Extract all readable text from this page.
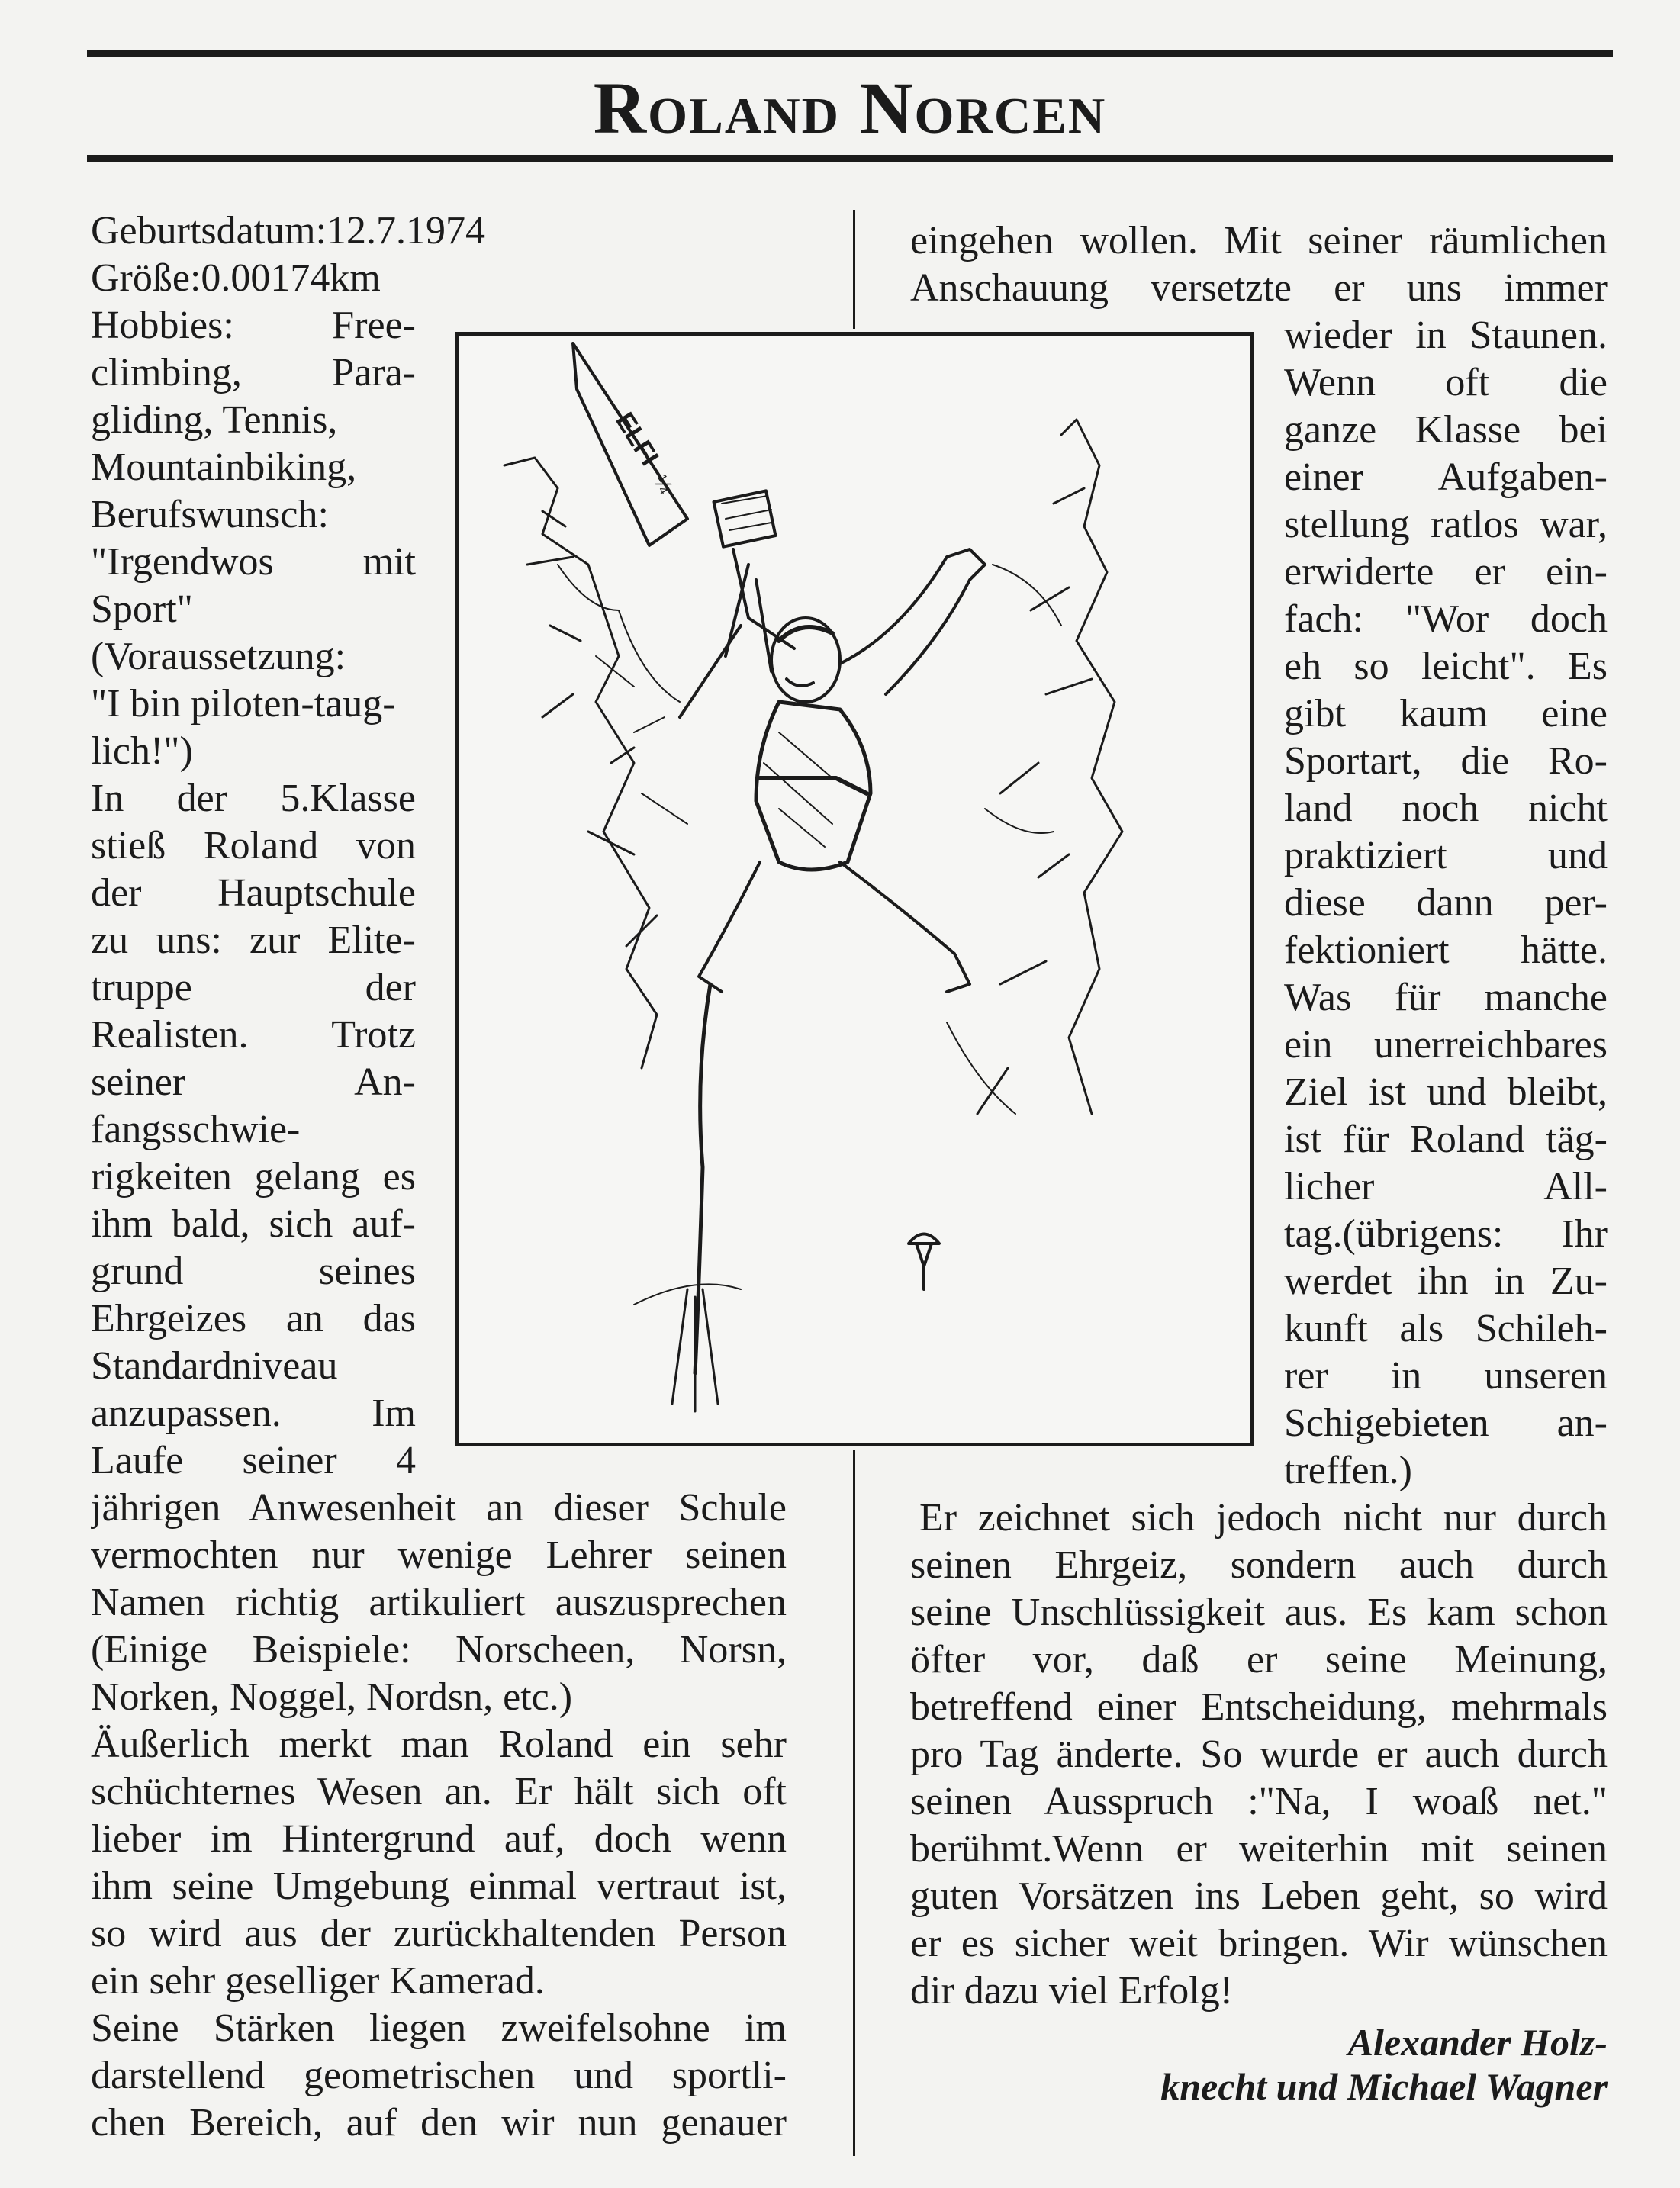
Roland Norcen
Geburtsdatum:12.7.1974
Größe:0.00174km
Hobbies: Free-
climbing, Para-
gliding, Tennis,
Mountainbiking,
Berufswunsch:
"Irgendwos mit
Sport"
(Voraussetzung:
"I bin piloten-taug-
lich!")
In der 5.Klasse
stieß Roland von
der Hauptschule
zu uns: zur Elite-
truppe der
Realisten. Trotz
seiner An-
fangsschwie-
rigkeiten gelang es
ihm bald, sich auf-
grund seines
Ehrgeizes an das
Standardniveau
anzupassen. Im
Laufe seiner 4
jährigen Anwesenheit an dieser Schule
vermochten nur wenige Lehrer seinen
Namen richtig artikuliert auszusprechen
(Einige Beispiele: Norscheen, Norsn,
Norken, Noggel, Nordsn, etc.)
Äußerlich merkt man Roland ein sehr
schüchternes Wesen an. Er hält sich oft
lieber im Hintergrund auf, doch wenn
ihm seine Umgebung einmal vertraut ist,
so wird aus der zurückhaltenden Person
ein sehr geselliger Kamerad.
Seine Stärken liegen zweifelsohne im
darstellend geometrischen und sportli-
chen Bereich, auf den wir nun genauer
eingehen wollen. Mit seiner räumlichen
Anschauung versetzte er uns immer
wieder in Staunen.
Wenn oft die
ganze Klasse bei
einer Aufgaben-
stellung ratlos war,
erwiderte er ein-
fach: "Wor doch
eh so leicht". Es
gibt kaum eine
Sportart, die Ro-
land noch nicht
praktiziert und
diese dann per-
fektioniert hätte.
Was für manche
ein unerreichbares
Ziel ist und bleibt,
ist für Roland täg-
licher All-
tag.(übrigens: Ihr
werdet ihn in Zu-
kunft als Schileh-
rer in unseren
Schigebieten an-
treffen.)
Er zeichnet sich jedoch nicht nur durch
seinen Ehrgeiz, sondern auch durch
seine Unschlüssigkeit aus. Es kam schon
öfter vor, daß er seine Meinung,
betreffend einer Entscheidung, mehrmals
pro Tag änderte. So wurde er auch durch
seinen Ausspruch :"Na, I woaß net."
berühmt.Wenn er weiterhin mit seinen
guten Vorsätzen ins Leben geht, so wird
er es sicher weit bringen. Wir wünschen
dir dazu viel Erfolg!
ELFI
¼
Alexander Holz-
knecht und Michael Wagner
